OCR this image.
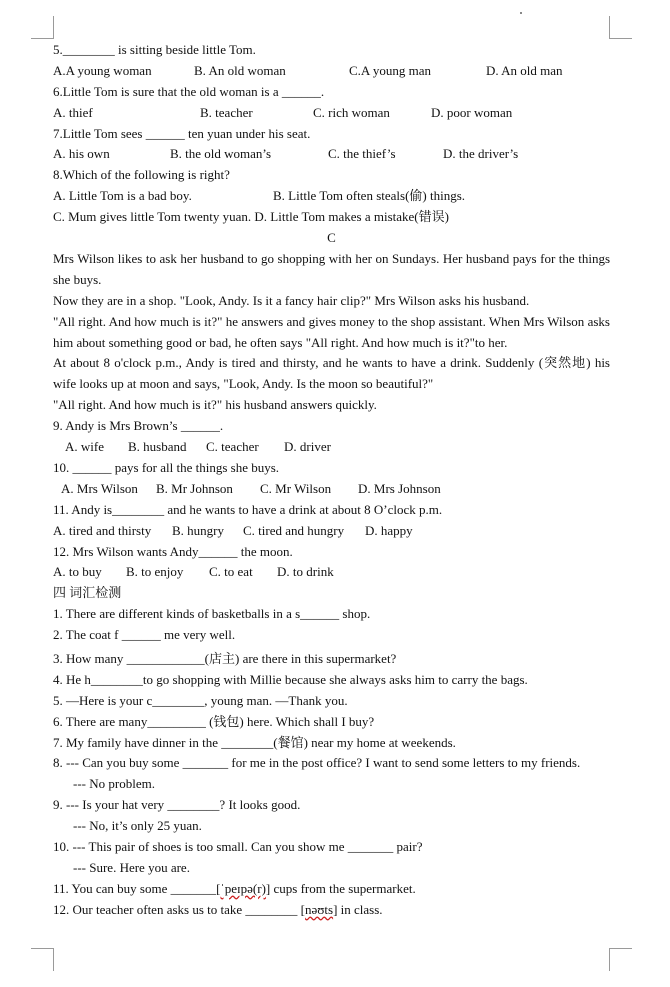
5.________ is sitting beside little Tom.
A.A young woman	B. An old woman	C.A young man	D. An old man
6.Little Tom is sure that the old woman is a ______.
A. thief	B. teacher	C. rich woman	D. poor woman
7.Little Tom sees ______ ten yuan under his seat.
A. his own	B. the old woman’s	C. the thief’s	D. the driver’s
8.Which of the following is right?
A. Little Tom is a bad boy.	B. Little Tom often steals(偷) things.
C. Mum gives little Tom twenty yuan. D. Little Tom makes a mistake(错误)
C
Mrs Wilson likes to ask her husband to go shopping with her on Sundays. Her husband pays for the things she buys.
Now they are in a shop. "Look, Andy. Is it a fancy hair clip?" Mrs Wilson asks his husband.
"All right. And how much is it?" he answers and gives money to the shop assistant. When Mrs Wilson asks him about something good or bad, he often says "All right. And how much is it?"to her.
At about 8 o'clock p.m., Andy is tired and thirsty, and he wants to have a drink. Suddenly (突然地) his wife looks up at moon and says, "Look, Andy. Is the moon so beautiful?"
"All right. And how much is it?" his husband answers quickly.
9. Andy is Mrs Brown’s ______.
A. wife	B. husband	C. teacher	D. driver
10. ______ pays for all the things she buys.
A. Mrs Wilson	B. Mr Johnson	C. Mr Wilson	D. Mrs Johnson
11. Andy is________ and he wants to have a drink at about 8 O’clock p.m.
A. tired and thirsty	B. hungry	C. tired and hungry	D. happy
12. Mrs Wilson wants Andy______ the moon.
A. to buy	B. to enjoy	C. to eat	D. to drink
四 词汇检测
1. There are different kinds of basketballs in a s______ shop.
2. The coat f ______ me very well.
3. How many ____________(店主) are there in this supermarket?
4. He h________to go shopping with Millie because she always asks him to carry the bags.
5. —Here is your c________, young man. —Thank you.
6. There are many_________ (钱包) here. Which shall I buy?
7. My family have dinner in the ________(餐馆) near my home at weekends.
8. --- Can you buy some _______ for me in the post office? I want to send some letters to my friends.
--- No problem.
9. --- Is your hat very ________? It looks good.
--- No, it’s only 25 yuan.
10. --- This pair of shoes is too small. Can you show me _______ pair?
--- Sure. Here you are.
11. You can buy some _______[ˈpeɪpə(r)] cups from the supermarket.
12. Our teacher often asks us to take ________ [nəʊts] in class.
